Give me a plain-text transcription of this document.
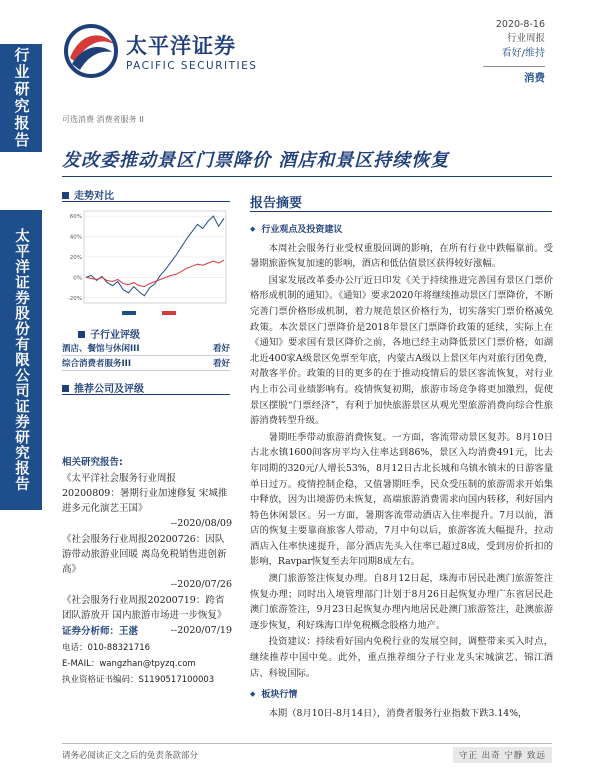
行业研究报告
太平洋证券股份有限公司证券研究报告
太平洋证券
PACIFIC SECURITIES
2020-8-16
行业周报
看好/维持
消费
可选消费 消费者服务 II
发改委推动景区门票降价 酒店和景区持续恢复
走势对比
60%
40%
20%
0%
-20%
子行业评级
酒店、餐馆与休闲III	看好
综合消费者服务III	看好
推荐公司及评级
相关研究报告:
《太平洋社会服务行业周报20200809：暑期行业加速修复 宋城推进多元化演艺王国》
--2020/08/09
《社会服务行业周报20200726：因队游带动旅游业回暖 离岛免税销售进创新高》
--2020/07/26
《社会服务行业周报20200719：跨省团队游放开 国内旅游市场进一步恢复》
--2020/07/19
证券分析师：王湛
电话：010-88321716
E-MAIL：wangzhan@tpyzq.com
执业资格证书编码：S1190517100003
报告摘要
◆ 行业观点及投资建议

本周社会服务行业受权重股回调的影响，在所有行业中跌幅靠前。受暑期旅游恢复加速的影响，酒店和低估值景区获得较好涨幅。

国家发展改革委办公厅近日印发《关于持续推进完善国有景区门票价格形成机制的通知》。《通知》要求2020年将继续推动景区门票降价，不断完善门票价格形成机制，着力规范景区价格行为，切实落实门票价格减免政策。本次景区门票降价是2018年景区门票降价政策的延续，实际上在《通知》要求国有景区降价之前，各地已经主动降低景区门票价格，如湖北近400家A级景区免票至年底，内蒙古A级以上景区年内对旅行团免费，对散客半价。政策的目的更多的在于推动疫情后的景区客流恢复，对行业内上市公司业绩影响有。疫情恢复初期，旅游市场竞争将更加激烈，促使景区摆脱“门票经济”，有利于加快旅游景区从观光型旅游消费向综合性旅游消费转型升级。

暑期旺季带动旅游消费恢复。一方面，客流带动景区复苏。8月10日古北水镇1600间客房平均入住率达到86%，景区入均消费491元，比去年同期的320元/人增长53%，8月12日古北长城和乌镇水镇末的日游客量单日过万。疫情控制企稳，又值暑期旺季，民众受压制的旅游需求开始集中释放，因为出境游仍未恢复，高端旅游消费需求向国内转移，利好国内特色休闲景区。另一方面，暑期客流带动酒店入住率提升。7月以前，酒店的恢复主要靠商旅客人带动，7月中旬以后，旅游客流大幅提升，拉动酒店入住率快速提升，部分酒店先头入住率已超过8成，受到房价折扣的影响，Ravpar恢复至去年同期8成左右。

澳门旅游签注恢复办理。自8月12日起，珠海市居民赴澳门旅游签注恢复办理；同时出入境管理部门计划于8月26日起恢复办理广东省居民赴澳门旅游签注，9月23日起恢复办理内地居民赴澳门旅游签注，赴澳旅游逐步恢复，利好珠海口岸免税概念股格力地产。

投资建议：持续看好国内免税行业的发展空间，调整带来买入时点，继续推荐中国中免。此外，重点推荐细分子行业龙头宋城演艺、锦江酒店、科锐国际。

◆ 板块行情

本期（8月10日-8月14日），消费者服务行业指数下跌3.14%，

请务必阅读正文之后的免责条款部分	守正 出奇 宁静 致远
